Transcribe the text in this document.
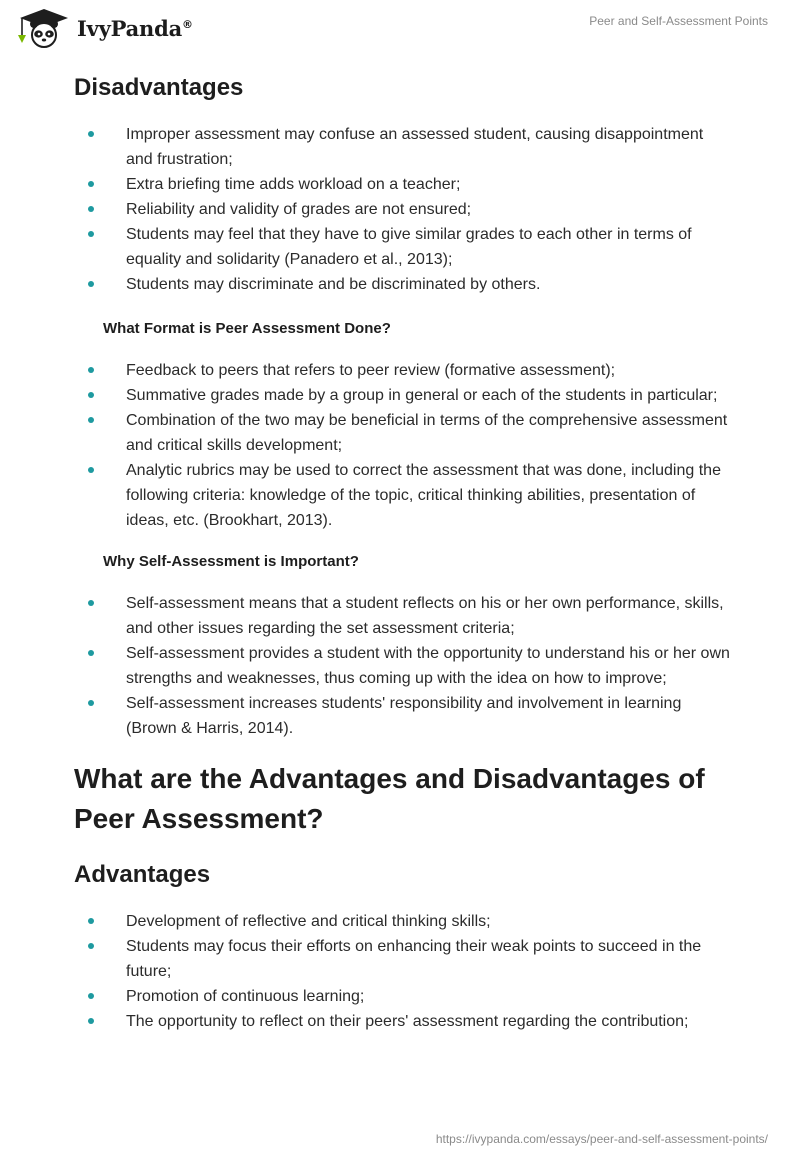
IvyPanda®	Peer and Self-Assessment Points
Disadvantages
Improper assessment may confuse an assessed student, causing disappointment and frustration;
Extra briefing time adds workload on a teacher;
Reliability and validity of grades are not ensured;
Students may feel that they have to give similar grades to each other in terms of equality and solidarity (Panadero et al., 2013);
Students may discriminate and be discriminated by others.
What Format is Peer Assessment Done?
Feedback to peers that refers to peer review (formative assessment);
Summative grades made by a group in general or each of the students in particular;
Combination of the two may be beneficial in terms of the comprehensive assessment and critical skills development;
Analytic rubrics may be used to correct the assessment that was done, including the following criteria: knowledge of the topic, critical thinking abilities, presentation of ideas, etc. (Brookhart, 2013).
Why Self-Assessment is Important?
Self-assessment means that a student reflects on his or her own performance, skills, and other issues regarding the set assessment criteria;
Self-assessment provides a student with the opportunity to understand his or her own strengths and weaknesses, thus coming up with the idea on how to improve;
Self-assessment increases students' responsibility and involvement in learning (Brown & Harris, 2014).
What are the Advantages and Disadvantages of Peer Assessment?
Advantages
Development of reflective and critical thinking skills;
Students may focus their efforts on enhancing their weak points to succeed in the future;
Promotion of continuous learning;
The opportunity to reflect on their peers' assessment regarding the contribution;
https://ivypanda.com/essays/peer-and-self-assessment-points/
